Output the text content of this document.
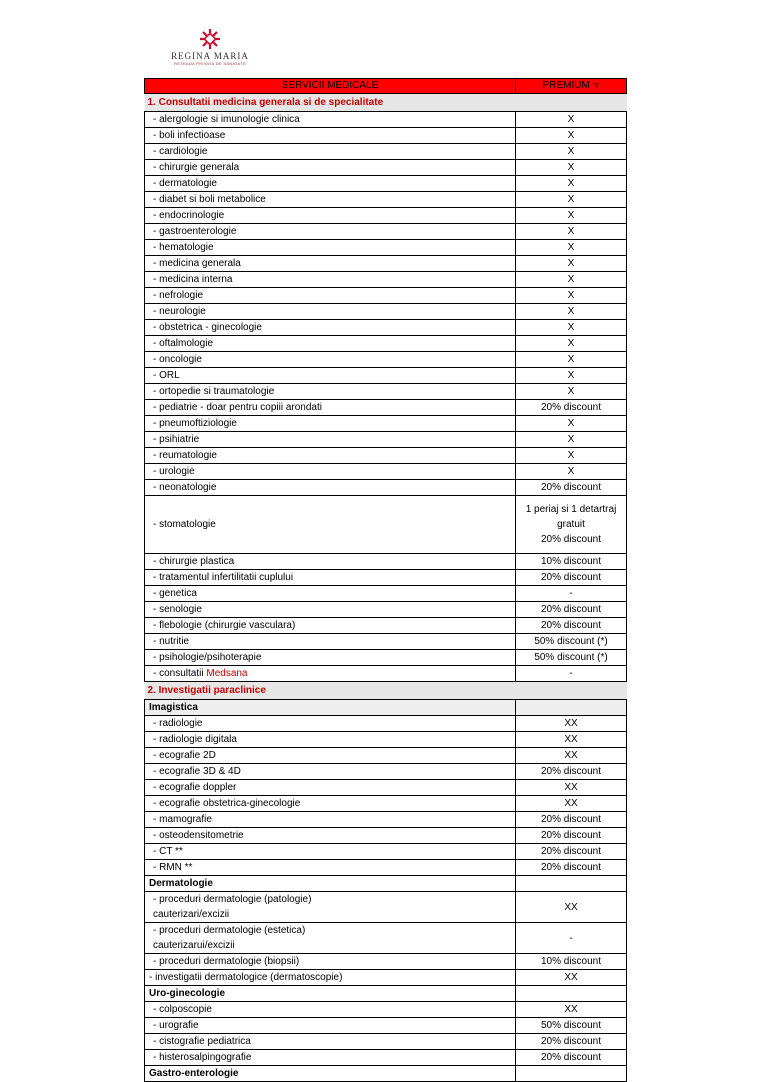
REGINA MARIA
RETEAUA PRIVATA DE SANATATE
SERVICII MEDICALE	PREMIUM $^{"S"}$
1. Consultatii medicina generala si de specialitate	
- alergologie si imunologie clinica	X
- boli infectioase	X
- cardiologie	X
- chirurgie generala	X
- dermatologie	X
- diabet si boli metabolice	X
- endocrinologie	X
- gastroenterologie	X
- hematologie	X
- medicina generala	X
- medicina interna	X
- nefrologie	X
- neurologie	X
- obstetrica - ginecologie	X
- oftalmologie	X
- oncologie	X
- ORL	X
- ortopedie si traumatologie	X
- pediatrie - doar pentru copiii arondati	20% discount
- pneumoftiziologie	X
- psihiatrie	X
- reumatologie	X
- urologie	X
- neonatologie	20% discount
- stomatologie	1 periaj si 1 detartraj
gratuit
20% discount

- chirurgie plastica	10% discount
- tratamentul infertilitatii cuplului	20% discount
- genetica	-
- senologie	20% discount
- flebologie (chirurgie vasculara)	20% discount
- nutritie	50% discount (*)
- psihologie/psihoterapie	50% discount (*)
- consultatii Medsana	-
2. Investigatii paraclinice	
Imagistica	
- radiologie	XX
- radiologie digitala	XX
- ecografie 2D	XX
- ecografie 3D & 4D	20% discount
- ecografie doppler	XX
- ecografie obstetrica-ginecologie	XX
- mamografie	20% discount
- osteodensitometrie	20% discount
- CT **	20% discount
- RMN **	20% discount
Dermatologie	

- proceduri dermatologie (patologie)
cauterizari/excizii	XX

- proceduri dermatologie (estetica)
cauterizarui/excizii	-
- proceduri dermatologie (biopsii)	10% discount
- investigatii dermatologice (dermatoscopie)	XX
Uro-ginecologie	
- colposcopie	XX
- urografie	50% discount
- cistografie pediatrica	20% discount
- histerosalpingografie	20% discount
Gastro-enterologie	
